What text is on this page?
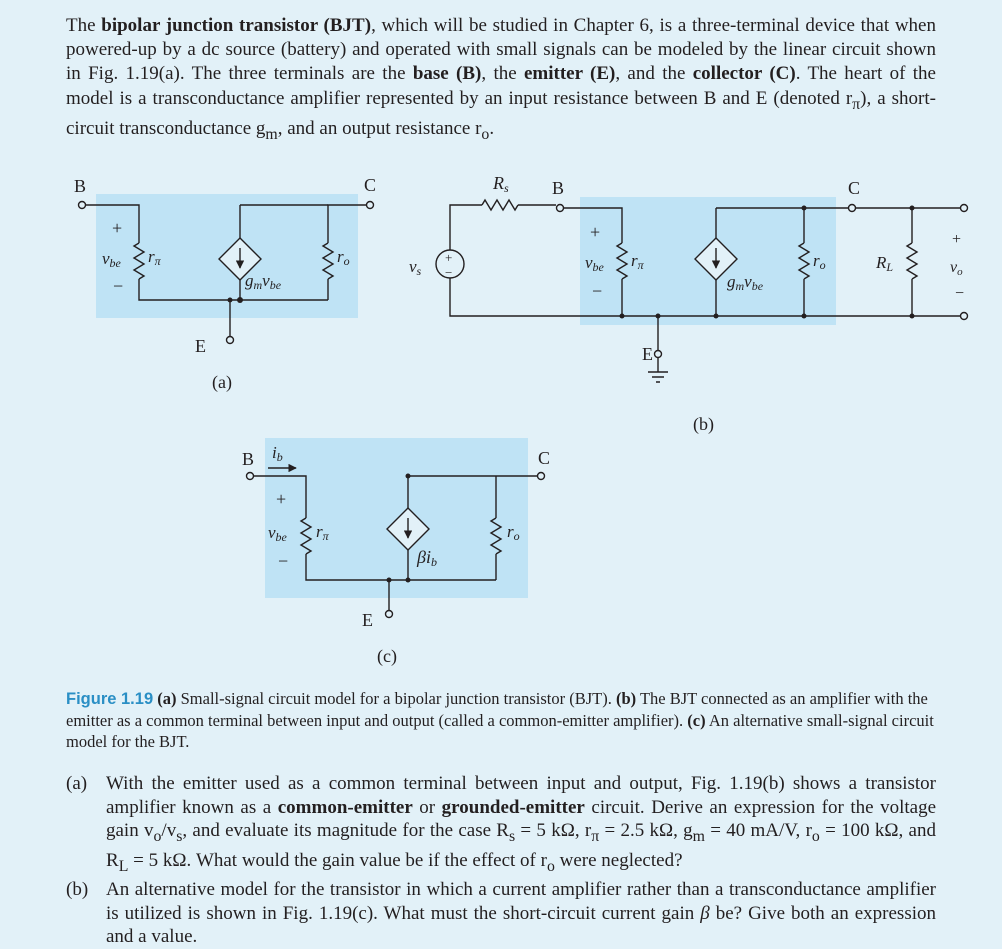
The bipolar junction transistor (BJT), which will be studied in Chapter 6, is a three-terminal device that when powered-up by a dc source (battery) and operated with small signals can be modeled by the linear circuit shown in Fig. 1.19(a). The three terminals are the base (B), the emitter (E), and the collector (C). The heart of the model is a transconductance amplifier represented by an input resistance between B and E (denoted $r_\pi$), a short-circuit transconductance $g_m$, and an output resistance $r_o$.

B	C
E
+
−
vbe rπ
gmvbe
ro
(a)
Rs B	C
E
vs
+
−
+
−
vbe rπ
gmvbe
ro	RL
+
vo
−
(b)
B	C
E
ib
+
−
vbe rπ
βib
ro
(c)

Figure 1.19 (a) Small-signal circuit model for a bipolar junction transistor (BJT). (b) The BJT connected as an amplifier with the emitter as a common terminal between input and output (called a common-emitter amplifier). (c) An alternative small-signal circuit model for the BJT.

(a) With the emitter used as a common terminal between input and output, Fig. 1.19(b) shows a transistor amplifier known as a common-emitter or grounded-emitter circuit. Derive an expression for the voltage gain $v_o/v_s$, and evaluate its magnitude for the case $R_s = 5$ kΩ, $r_\pi = 2.5$ kΩ, $g_m = 40$ mA/V, $r_o = 100$ kΩ, and $R_L = 5$ kΩ. What would the gain value be if the effect of $r_o$ were neglected?
(b) An alternative model for the transistor in which a current amplifier rather than a transconductance amplifier is utilized is shown in Fig. 1.19(c). What must the short-circuit current gain β be? Give both an expression and a value.
